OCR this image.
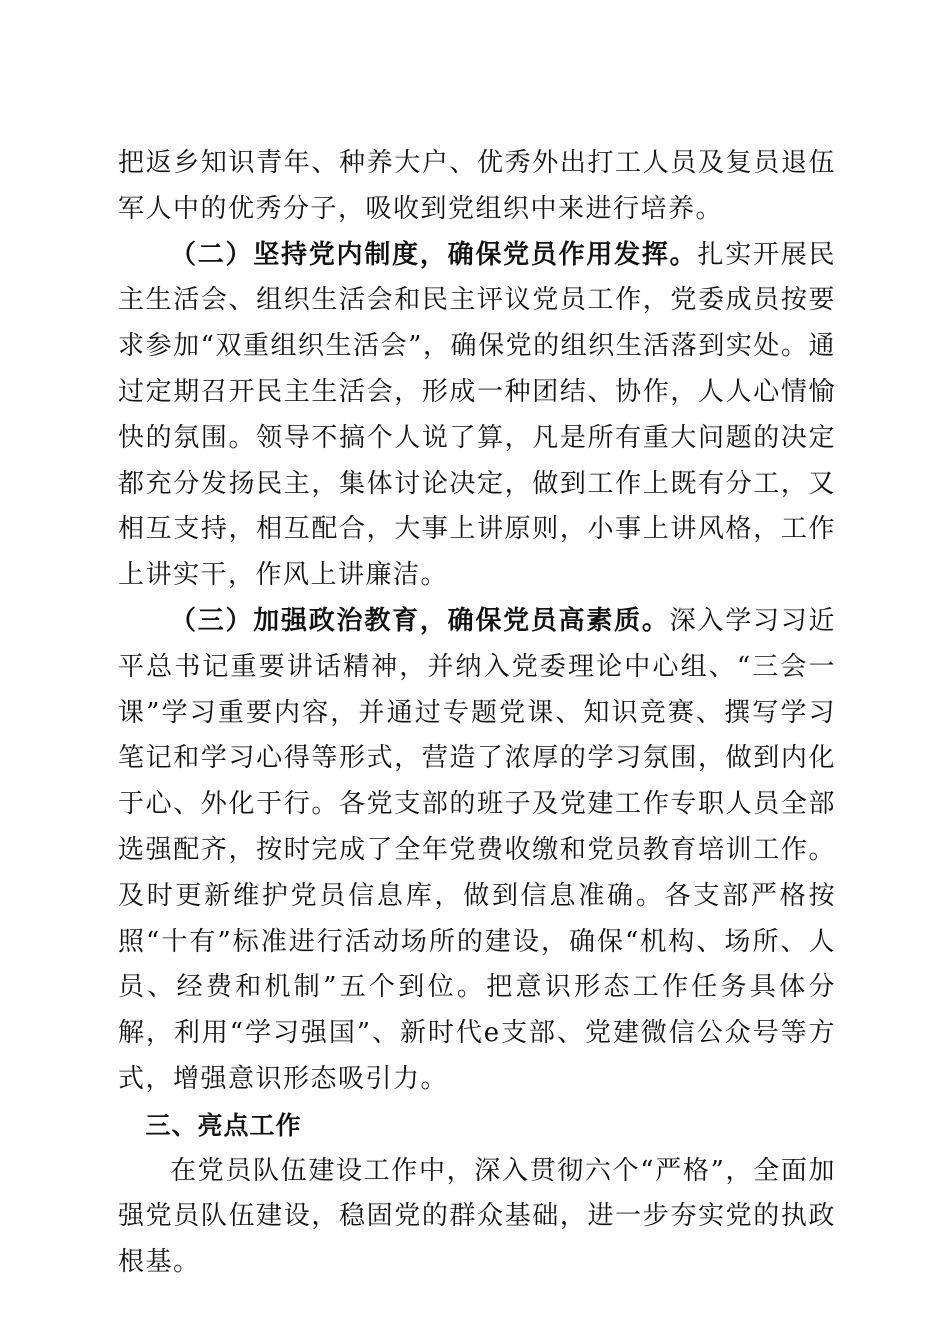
把返乡知识青年、种养大户、优秀外出打工人员及复员退伍军人中的优秀分子，吸收到党组织中来进行培养。

（二）坚持党内制度，确保党员作用发挥。扎实开展民主生活会、组织生活会和民主评议党员工作，党委成员按要求参加“双重组织生活会”，确保党的组织生活落到实处。通过定期召开民主生活会，形成一种团结、协作，人人心情愉快的氛围。领导不搞个人说了算，凡是所有重大问题的决定都充分发扬民主，集体讨论决定，做到工作上既有分工，又相互支持，相互配合，大事上讲原则，小事上讲风格，工作上讲实干，作风上讲廉洁。

（三）加强政治教育，确保党员高素质。深入学习习近平总书记重要讲话精神，并纳入党委理论中心组、“三会一课”学习重要内容，并通过专题党课、知识竞赛、撰写学习笔记和学习心得等形式，营造了浓厚的学习氛围，做到内化于心、外化于行。各党支部的班子及党建工作专职人员全部选强配齐，按时完成了全年党费收缴和党员教育培训工作。及时更新维护党员信息库，做到信息准确。各支部严格按照“十有”标准进行活动场所的建设，确保“机构、场所、人员、经费和机制”五个到位。把意识形态工作任务具体分解，利用“学习强国”、新时代e支部、党建微信公众号等方式，增强意识形态吸引力。

三、亮点工作

在党员队伍建设工作中，深入贯彻六个“严格”，全面加强党员队伍建设，稳固党的群众基础，进一步夯实党的执政根基。
